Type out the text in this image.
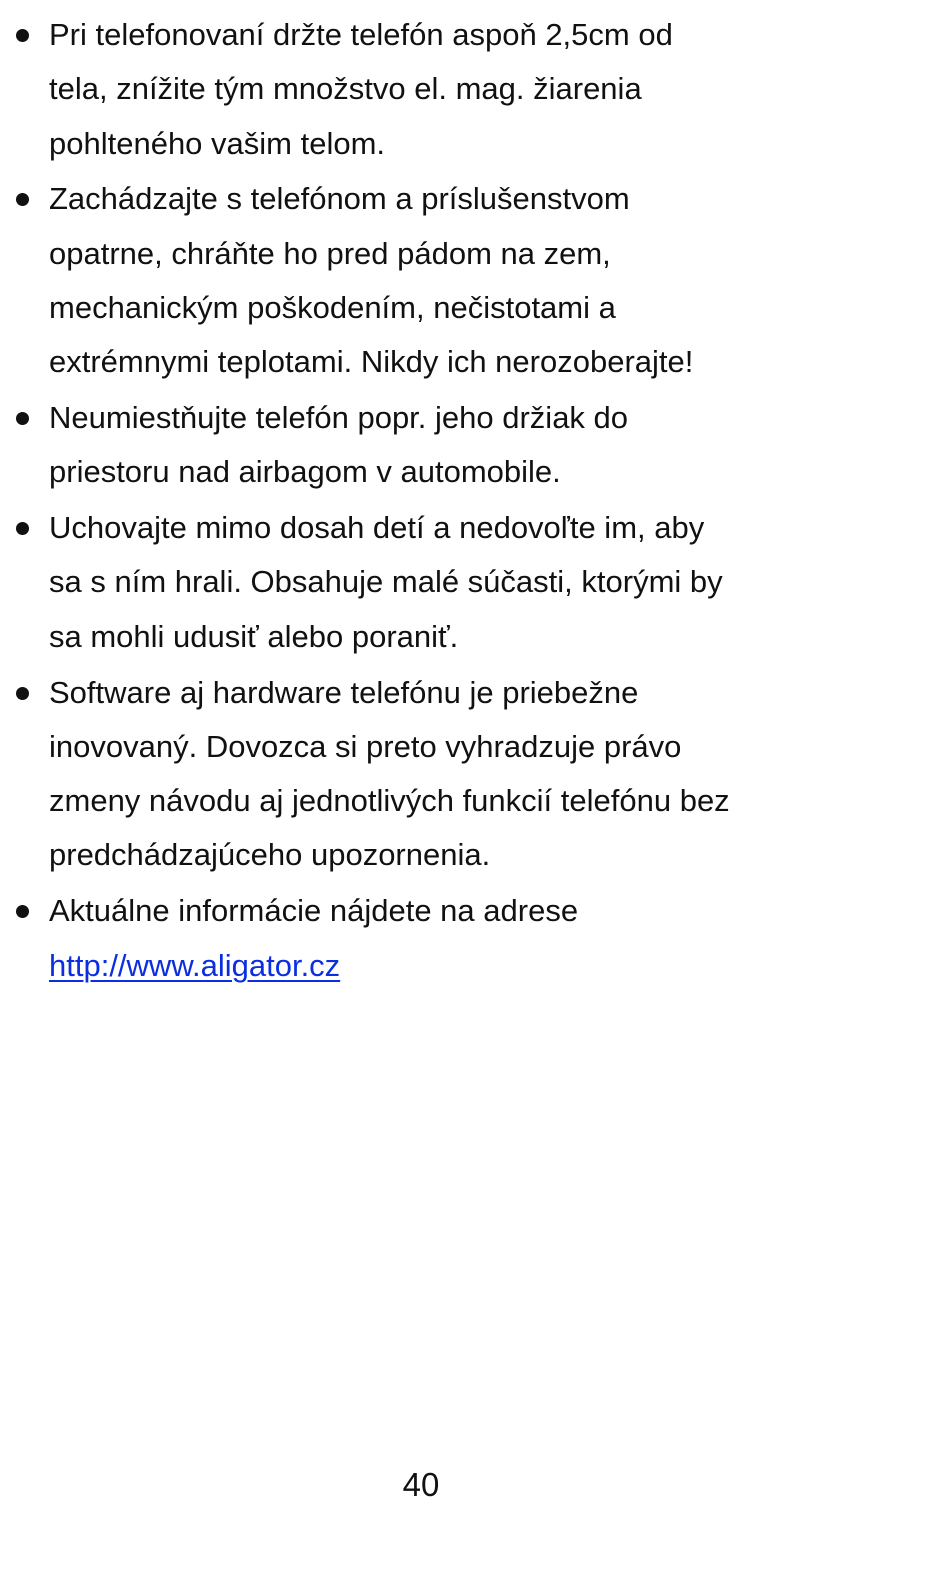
Pri telefonovaní držte telefón aspoň 2,5cm od
tela, znížite tým množstvo el. mag. žiarenia
pohlteného vašim telom.
Zachádzajte s telefónom a príslušenstvom
opatrne, chráňte ho pred pádom na zem,
mechanickým poškodením, nečistotami a
extrémnymi teplotami. Nikdy ich nerozoberajte!
Neumiestňujte telefón popr. jeho držiak do
priestoru nad airbagom v automobile.
Uchovajte mimo dosah detí a nedovoľte im, aby
sa s ním hrali. Obsahuje malé súčasti, ktorými by
sa mohli udusiť alebo poraniť.
Software aj hardware telefónu je priebežne
inovovaný. Dovozca si preto vyhradzuje právo
zmeny návodu aj jednotlivých funkcií telefónu bez
predchádzajúceho upozornenia.
Aktuálne informácie nájdete na adrese
http://www.aligator.cz
40
